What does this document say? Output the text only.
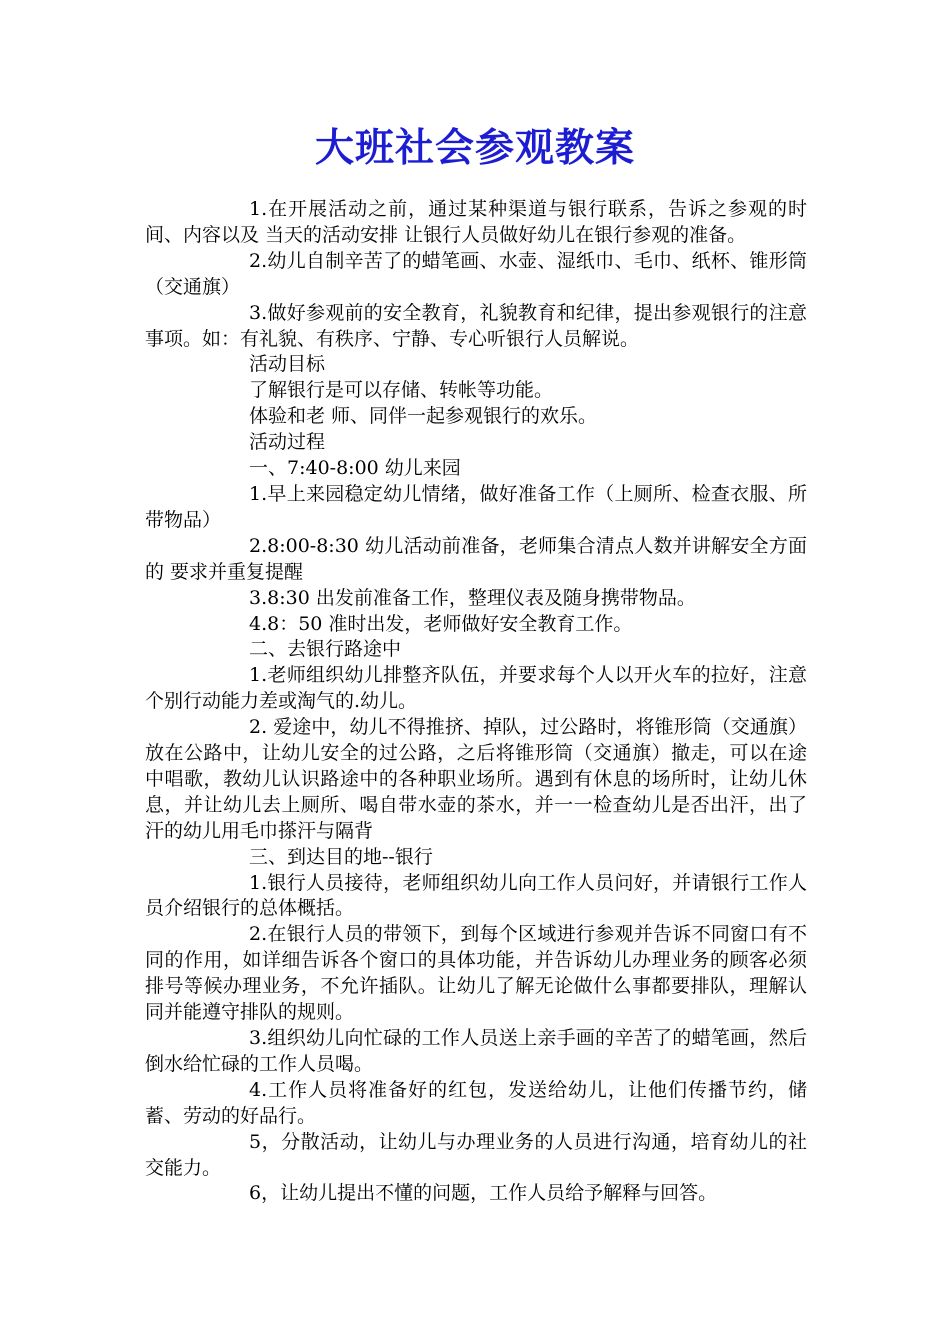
大班社会参观教案

1.在开展活动之前，通过某种渠道与银行联系，告诉之参观的时间、内容以及 当天的活动安排 让银行人员做好幼儿在银行参观的准备。

2.幼儿自制辛苦了的蜡笔画、水壶、湿纸巾、毛巾、纸杯、锥形筒（交通旗）

3.做好参观前的安全教育，礼貌教育和纪律，提出参观银行的注意事项。如：有礼貌、有秩序、宁静、专心听银行人员解说。

活动目标

了解银行是可以存储、转帐等功能。

体验和老 师、同伴一起参观银行的欢乐。

活动过程

一、7:40-8:00 幼儿来园

1.早上来园稳定幼儿情绪，做好准备工作（上厕所、检查衣服、所带物品）

2.8:00-8:30 幼儿活动前准备，老师集合清点人数并讲解安全方面的 要求并重复提醒

3.8:30 出发前准备工作，整理仪表及随身携带物品。

4.8：50 准时出发，老师做好安全教育工作。

二、去银行路途中

1.老师组织幼儿排整齐队伍，并要求每个人以开火车的拉好，注意个别行动能力差或淘气的.幼儿。

2. 爱途中，幼儿不得推挤、掉队，过公路时，将锥形筒（交通旗）放在公路中，让幼儿安全的过公路，之后将锥形筒（交通旗）撤走，可以在途中唱歌，教幼儿认识路途中的各种职业场所。遇到有休息的场所时，让幼儿休息，并让幼儿去上厕所、喝自带水壶的茶水，并一一检查幼儿是否出汗，出了汗的幼儿用毛巾搽汗与隔背

三、到达目的地--银行

1.银行人员接待，老师组织幼儿向工作人员问好，并请银行工作人员介绍银行的总体概括。

2.在银行人员的带领下，到每个区域进行参观并告诉不同窗口有不同的作用，如详细告诉各个窗口的具体功能，并告诉幼儿办理业务的顾客必须排号等候办理业务，不允许插队。让幼儿了解无论做什么事都要排队，理解认同并能遵守排队的规则。

3.组织幼儿向忙碌的工作人员送上亲手画的辛苦了的蜡笔画，然后倒水给忙碌的工作人员喝。

4.工作人员将准备好的红包，发送给幼儿，让他们传播节约，储蓄、劳动的好品行。

5，分散活动，让幼儿与办理业务的人员进行沟通，培育幼儿的社交能力。

6，让幼儿提出不懂的问题，工作人员给予解释与回答。
